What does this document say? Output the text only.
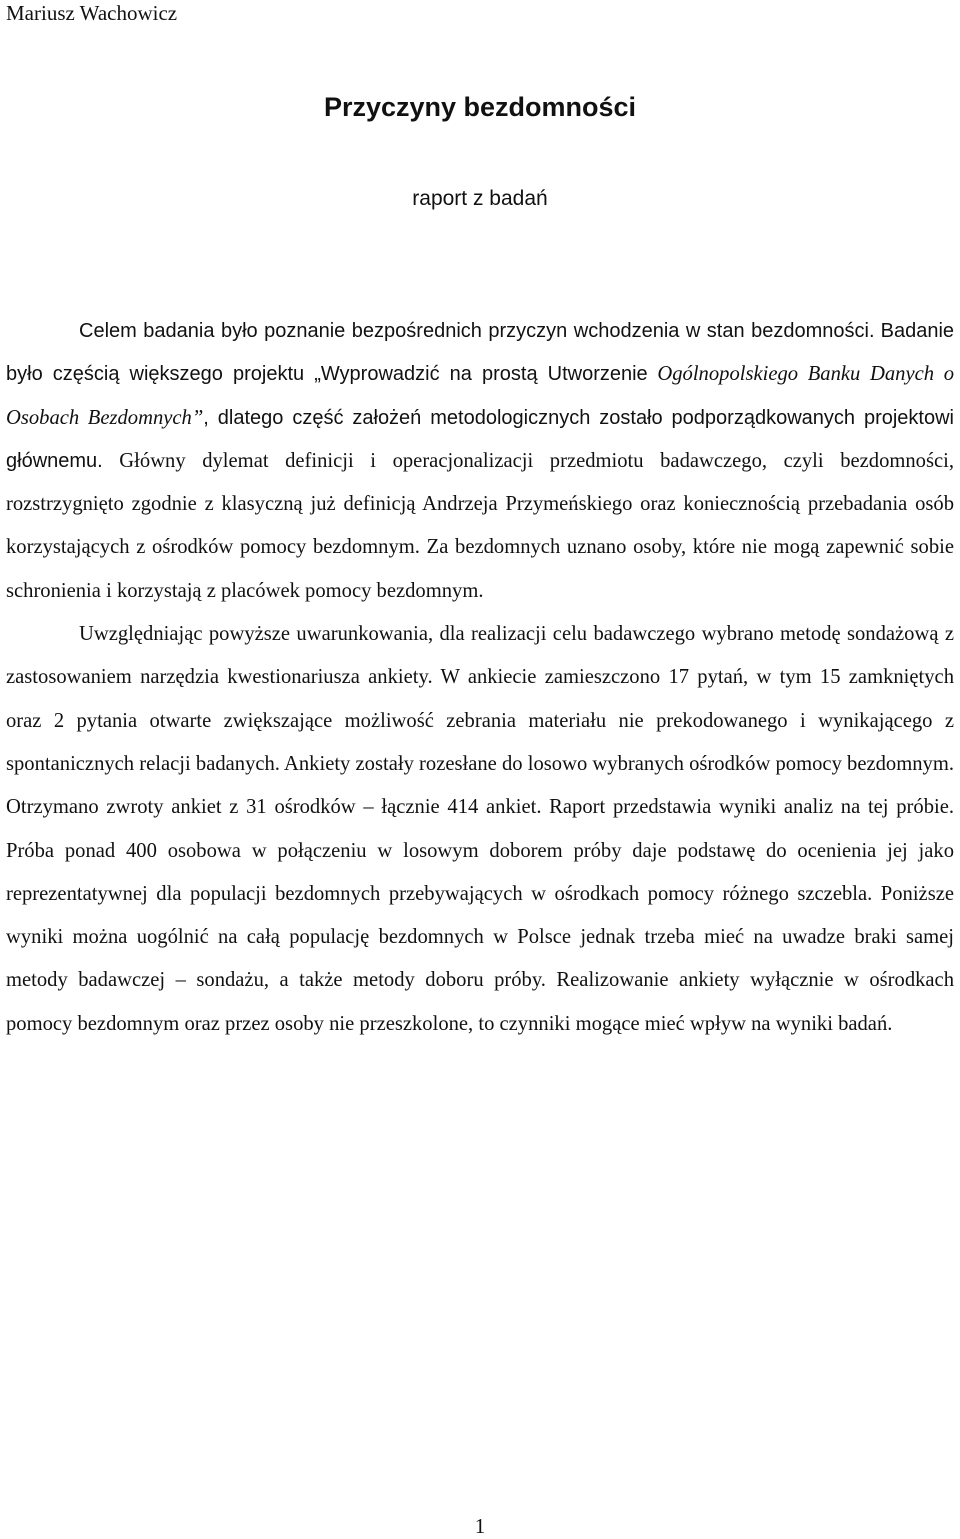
Mariusz Wachowicz
Przyczyny bezdomności
raport z badań

Celem badania było poznanie bezpośrednich przyczyn wchodzenia w stan bezdomności. Badanie było częścią większego projektu „Wyprowadzić na prostą Utworzenie Ogólnopolskiego Banku Danych o Osobach Bezdomnych”, dlatego część założeń metodologicznych zostało podporządkowanych projektowi głównemu. Główny dylemat definicji i operacjonalizacji przedmiotu badawczego, czyli bezdomności, rozstrzygnięto zgodnie z klasyczną już definicją Andrzeja Przymeńskiego oraz koniecznością przebadania osób korzystających z ośrodków pomocy bezdomnym. Za bezdomnych uznano osoby, które nie mogą zapewnić sobie schronienia i korzystają z placówek pomocy bezdomnym.

Uwzględniając powyższe uwarunkowania, dla realizacji celu badawczego wybrano metodę sondażową z zastosowaniem narzędzia kwestionariusza ankiety. W ankiecie zamieszczono 17 pytań, w tym 15 zamkniętych oraz 2 pytania otwarte zwiększające możliwość zebrania materiału nie prekodowanego i wynikającego z spontanicznych relacji badanych. Ankiety zostały rozesłane do losowo wybranych ośrodków pomocy bezdomnym. Otrzymano zwroty ankiet z 31 ośrodków – łącznie 414 ankiet. Raport przedstawia wyniki analiz na tej próbie. Próba ponad 400 osobowa w połączeniu w losowym doborem próby daje podstawę do ocenienia jej jako reprezentatywnej dla populacji bezdomnych przebywających w ośrodkach pomocy różnego szczebla. Poniższe wyniki można uogólnić na całą populację bezdomnych w Polsce jednak trzeba mieć na uwadze braki samej metody badawczej – sondażu, a także metody doboru próby. Realizowanie ankiety wyłącznie w ośrodkach pomocy bezdomnym oraz przez osoby nie przeszkolone, to czynniki mogące mieć wpływ na wyniki badań.

1
